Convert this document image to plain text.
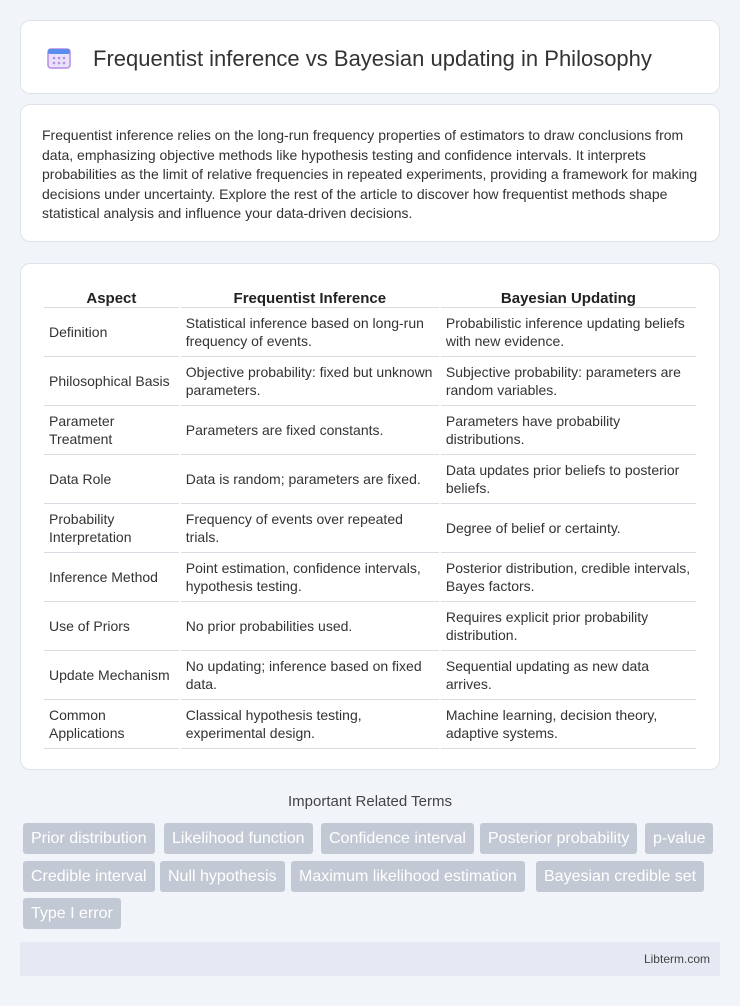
Frequentist inference vs Bayesian updating in Philosophy

Frequentist inference relies on the long-run frequency properties of estimators to draw conclusions from data, emphasizing objective methods like hypothesis testing and confidence intervals. It interprets probabilities as the limit of relative frequencies in repeated experiments, providing a framework for making decisions under uncertainty. Explore the rest of the article to discover how frequentist methods shape statistical analysis and influence your data-driven decisions.

Aspect	Frequentist Inference	Bayesian Updating
Definition	Statistical inference based on long-run frequency of events.	Probabilistic inference updating beliefs with new evidence.
Philosophical Basis	Objective probability: fixed but unknown parameters.	Subjective probability: parameters are random variables.
Parameter Treatment	Parameters are fixed constants.	Parameters have probability distributions.
Data Role	Data is random; parameters are fixed.	Data updates prior beliefs to posterior beliefs.
Probability Interpretation	Frequency of events over repeated trials.	Degree of belief or certainty.
Inference Method	Point estimation, confidence intervals, hypothesis testing.	Posterior distribution, credible intervals, Bayes factors.
Use of Priors	No prior probabilities used.	Requires explicit prior probability distribution.
Update Mechanism	No updating; inference based on fixed data.	Sequential updating as new data arrives.
Common Applications	Classical hypothesis testing, experimental design.	Machine learning, decision theory, adaptive systems.
Important Related Terms
Prior distribution	Likelihood function	Confidence interval	Posterior probability	p-value
Credible interval	Null hypothesis	Maximum likelihood estimation	Bayesian credible set
Type I error
Libterm.com
